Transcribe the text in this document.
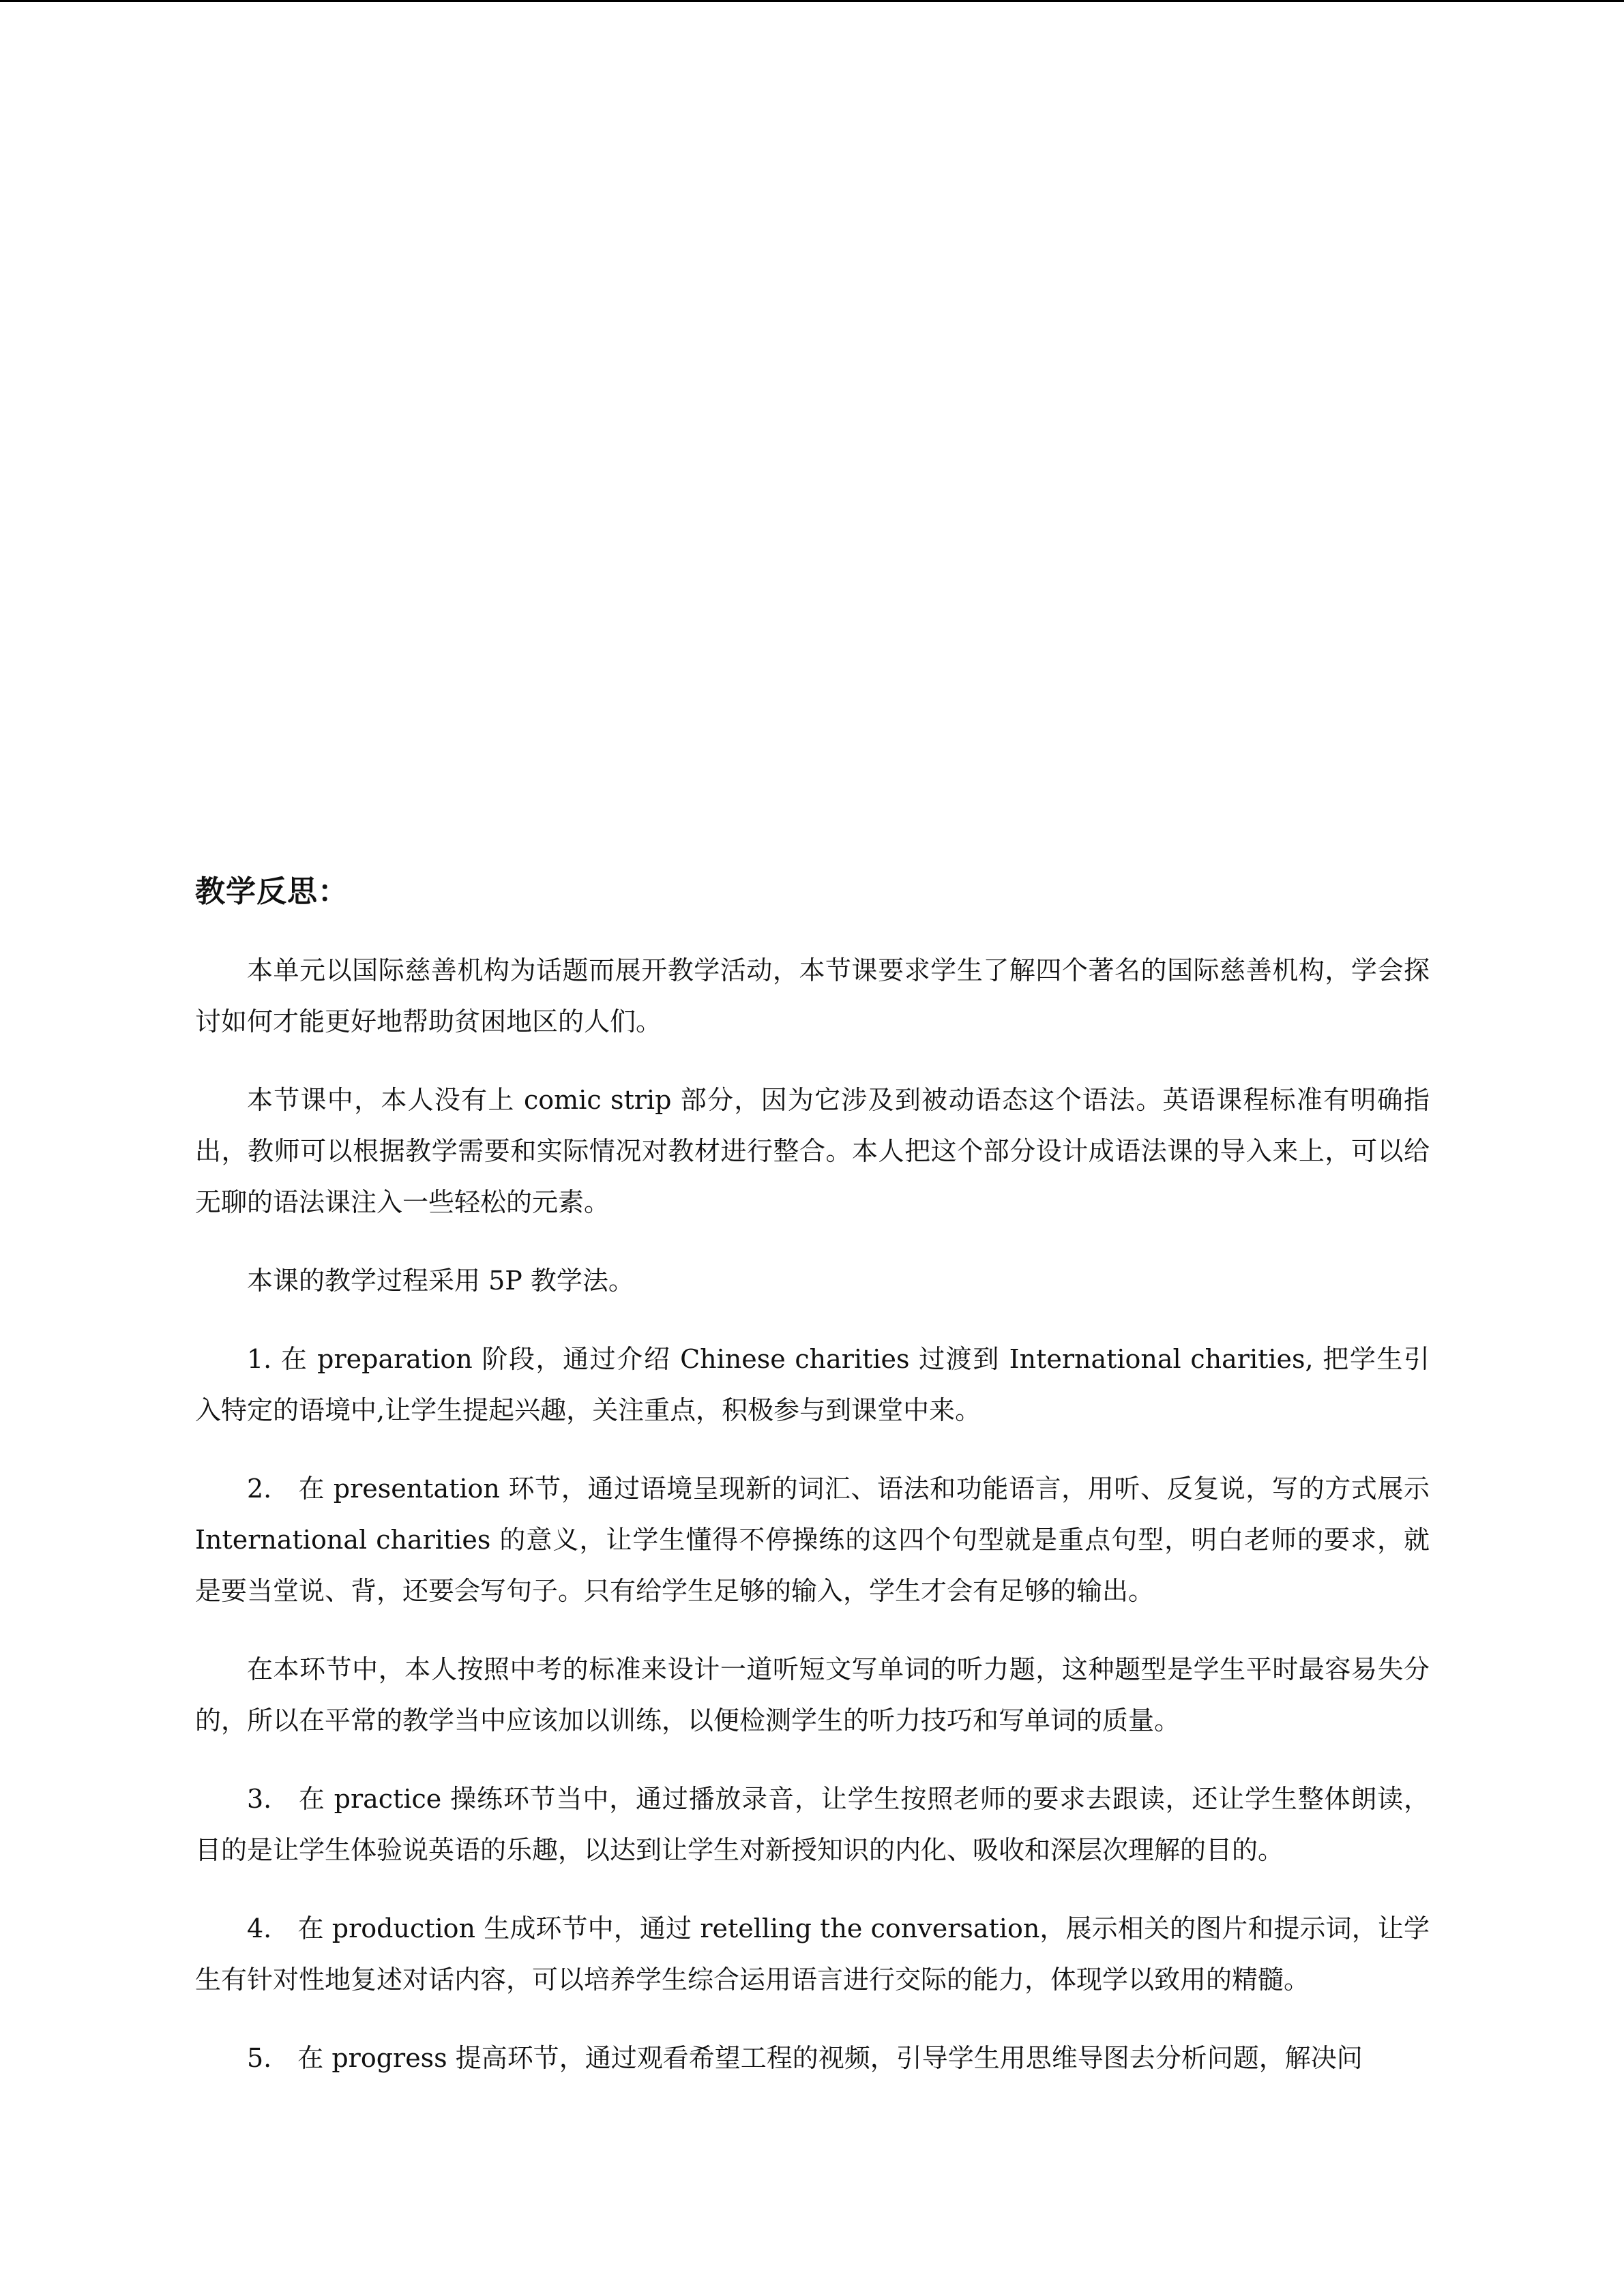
教学反思：

本单元以国际慈善机构为话题而展开教学活动，本节课要求学生了解四个著名的国际慈善机构，学会探讨如何才能更好地帮助贫困地区的人们。

本节课中，本人没有上 comic strip 部分，因为它涉及到被动语态这个语法。英语课程标准有明确指出，教师可以根据教学需要和实际情况对教材进行整合。本人把这个部分设计成语法课的导入来上，可以给无聊的语法课注入一些轻松的元素。

本课的教学过程采用 5P 教学法。

1. 在 preparation 阶段，通过介绍 Chinese charities 过渡到 International charities, 把学生引入特定的语境中,让学生提起兴趣，关注重点，积极参与到课堂中来。

2.　在 presentation 环节，通过语境呈现新的词汇、语法和功能语言，用听、反复说，写的方式展示 International charities 的意义，让学生懂得不停操练的这四个句型就是重点句型，明白老师的要求，就是要当堂说、背，还要会写句子。只有给学生足够的输入，学生才会有足够的输出。

在本环节中，本人按照中考的标准来设计一道听短文写单词的听力题，这种题型是学生平时最容易失分的，所以在平常的教学当中应该加以训练，以便检测学生的听力技巧和写单词的质量。

3.　在 practice 操练环节当中，通过播放录音，让学生按照老师的要求去跟读，还让学生整体朗读，目的是让学生体验说英语的乐趣，以达到让学生对新授知识的内化、吸收和深层次理解的目的。

4.　在 production 生成环节中，通过 retelling the conversation，展示相关的图片和提示词，让学生有针对性地复述对话内容，可以培养学生综合运用语言进行交际的能力，体现学以致用的精髓。

5.　在 progress 提高环节，通过观看希望工程的视频，引导学生用思维导图去分析问题，解决问
